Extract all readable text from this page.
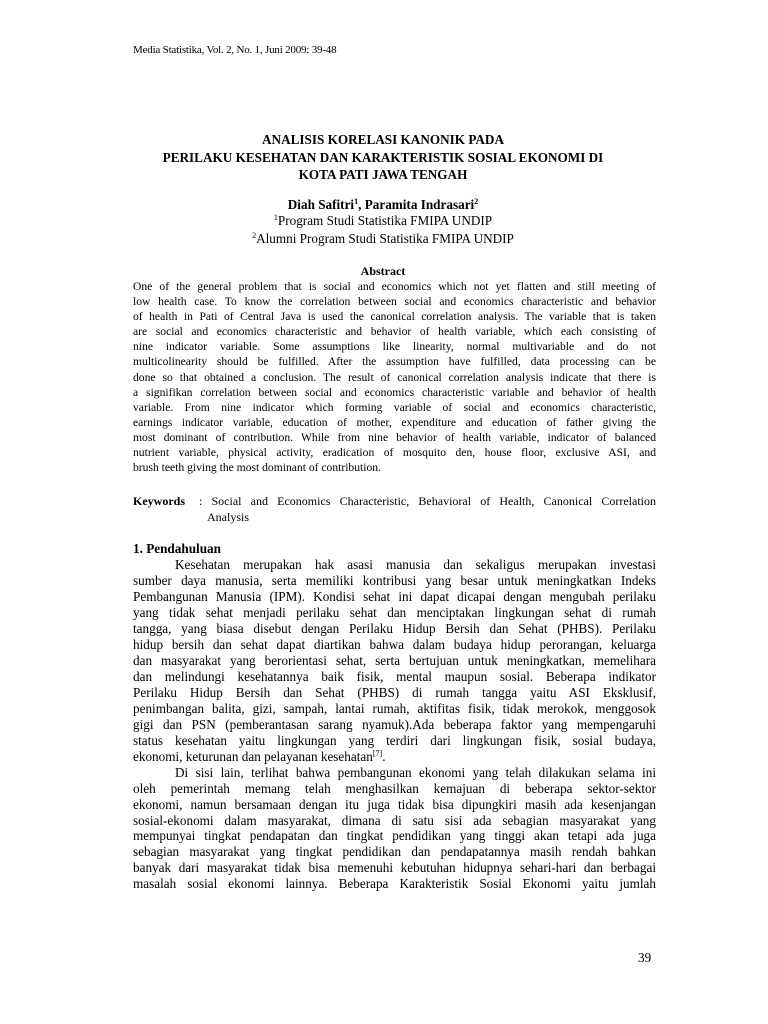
Media Statistika, Vol. 2, No. 1, Juni 2009: 39-48
ANALISIS KORELASI KANONIK PADA
PERILAKU KESEHATAN DAN KARAKTERISTIK SOSIAL EKONOMI DI
KOTA PATI JAWA TENGAH
Diah Safitri$^1$, Paramita Indrasari$^2$
$^1$Program Studi Statistika FMIPA UNDIP
$^2$Alumni Program Studi Statistika FMIPA UNDIP
Abstract
One of the general problem that is social and economics which not yet flatten and still meeting of
low health case. To know the correlation between social and economics characteristic and behavior
of health in Pati of Central Java is used the canonical correlation analysis. The variable that is taken
are social and economics characteristic and behavior of health variable, which each consisting of
nine indicator variable. Some assumptions like linearity, normal multivariable and do not
multicolinearity should be fulfilled. After the assumption have fulfilled, data processing can be
done so that obtained a conclusion. The result of canonical correlation analysis indicate that there is
a signifikan correlation between social and economics characteristic variable and behavior of health
variable. From nine indicator which forming variable of social and economics characteristic,
earnings indicator variable, education of mother, expenditure and education of father giving the
most dominant of contribution. While from nine behavior of health variable, indicator of balanced
nutrient variable, physical activity, eradication of mosquito den, house floor, exclusive ASI, and
brush teeth giving the most dominant of contribution.
Keywords : Social and Economics Characteristic, Behavioral of Health, Canonical Correlation
Analysis
1. Pendahuluan
Kesehatan merupakan hak asasi manusia dan sekaligus merupakan investasi
sumber daya manusia, serta memiliki kontribusi yang besar untuk meningkatkan Indeks
Pembangunan Manusia (IPM). Kondisi sehat ini dapat dicapai dengan mengubah perilaku
yang tidak sehat menjadi perilaku sehat dan menciptakan lingkungan sehat di rumah
tangga, yang biasa disebut dengan Perilaku Hidup Bersih dan Sehat (PHBS). Perilaku
hidup bersih dan sehat dapat diartikan bahwa dalam budaya hidup perorangan, keluarga
dan masyarakat yang berorientasi sehat, serta bertujuan untuk meningkatkan, memelihara
dan melindungi kesehatannya baik fisik, mental maupun sosial. Beberapa indikator
Perilaku Hidup Bersih dan Sehat (PHBS) di rumah tangga yaitu ASI Eksklusif,
penimbangan balita, gizi, sampah, lantai rumah, aktifitas fisik, tidak merokok, menggosok
gigi dan PSN (pemberantasan sarang nyamuk).Ada beberapa faktor yang mempengaruhi
status kesehatan yaitu lingkungan yang terdiri dari lingkungan fisik, sosial budaya,
ekonomi, keturunan dan pelayanan kesehatan[7].
Di sisi lain, terlihat bahwa pembangunan ekonomi yang telah dilakukan selama ini
oleh pemerintah memang telah menghasilkan kemajuan di beberapa sektor-sektor
ekonomi, namun bersamaan dengan itu juga tidak bisa dipungkiri masih ada kesenjangan
sosial-ekonomi dalam masyarakat, dimana di satu sisi ada sebagian masyarakat yang
mempunyai tingkat pendapatan dan tingkat pendidikan yang tinggi akan tetapi ada juga
sebagian masyarakat yang tingkat pendidikan dan pendapatannya masih rendah bahkan
banyak dari masyarakat tidak bisa memenuhi kebutuhan hidupnya sehari-hari dan berbagai
masalah sosial ekonomi lainnya. Beberapa Karakteristik Sosial Ekonomi yaitu jumlah
39
